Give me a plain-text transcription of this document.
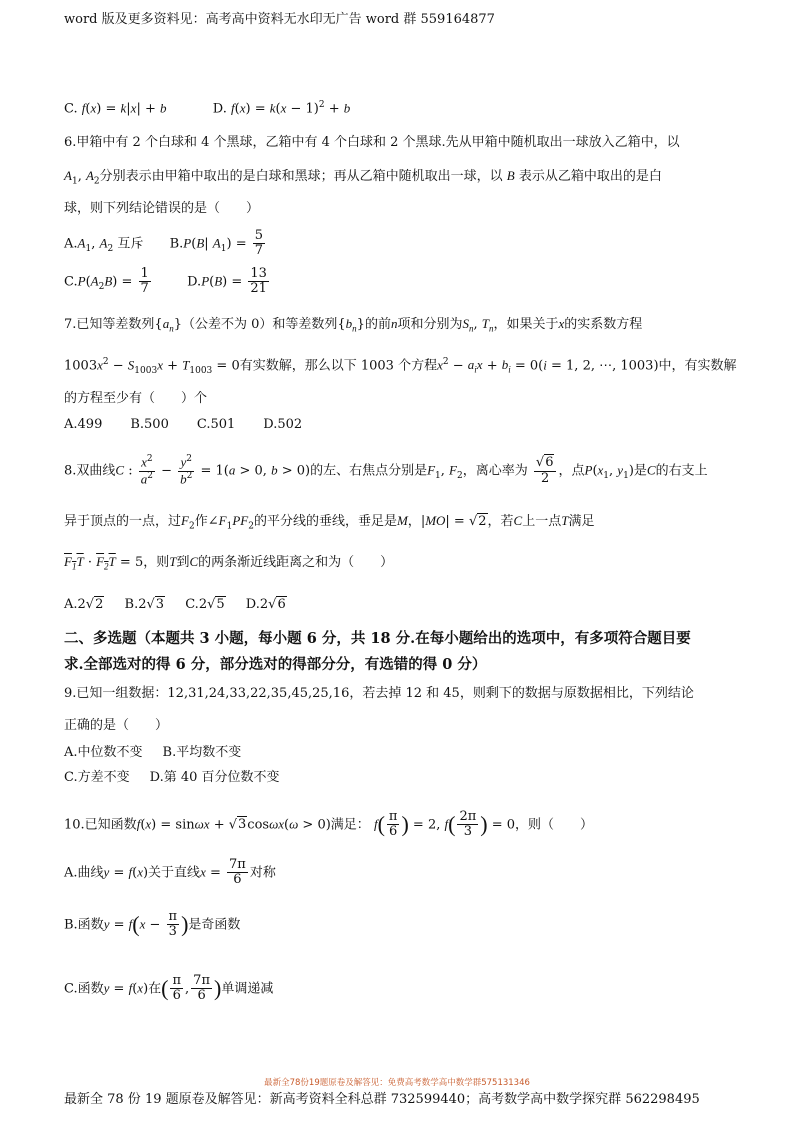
word 版及更多资料见：高考高中资料无水印无广告 word 群 559164877
C. f(x) = k|x| + b	D. $f(x) = k(x - 1)^2 + b$
6.甲箱中有 2 个白球和 4 个黑球，乙箱中有 4 个白球和 2 个黑球.先从甲箱中随机取出一球放入乙箱中，以
$A_1$, $A_2$分别表示由甲箱中取出的是白球和黑球；再从乙箱中随机取出一球，以 B 表示从乙箱中取出的是白
球，则下列结论错误的是（　　）
$A.A_1$, $A_2$ 互斥 B.P(B| $A_1) = \frac{5}{7}$
$C.P(A_2B) = \frac{1}{7}$	$D.P(B) = \frac{13}{21}$
7.已知等差数列$\{a_n\}$（公差不为 0）和等差数列$\{b_n\}$的前n项和分别为$S_n$, $T_n$，如果关于x的实系数方程
$1003x^2 - S_{1003}x + T_{1003} = 0$有实数解，那么以下 1003 个方程$x^2 - a_ix + b_i = 0(i = 1$, 2, ⋯, 1003)中，有实数解
的方程至少有（　　）个
A.499 B.500 C.501 D.502
8.双曲线C : $\frac{x^2}{a^2} - \frac{y^2}{b^2} = 1(a > 0$, b > 0)的左、右焦点分别是$F_1$, $F_2$，离心率为 $\frac{√6}{2}$ ，点$P(x_1$, $y_1$)是C的右支上
异于顶点的一点，过$F_2$作$\angle F_1PF_2$的平分线的垂线，垂足是M，|MO| = √2，若C上一点T满足
$F_1T \cdot F_2T = 5$，则T到C的两条渐近线距离之和为（　　）
A.2√2 B.2√3 C.2√5 D.2√6
二、多选题（本题共 3 小题，每小题 6 分，共 18 分.在每小题给出的选项中，有多项符合题目要
求.全部选对的得 6 分，部分选对的得部分分，有选错的得 0 分）
9.已知一组数据：12,31,24,33,22,35,45,25,16，若去掉 12 和 45，则剩下的数据与原数据相比，下列结论
正确的是（　　）
A.中位数不变 B.平均数不变
C.方差不变 D.第 40 百分位数不变
10.已知函数f(x) = sinωx + √3cosωx(ω > 0)满足： $f( \frac{\pi}{6}$ ) = 2, $f( \frac{2\pi}{3}$ ) = 0，则（　　）
A.曲线y = f(x)关于直线$x = \frac{7\pi}{6}$ 对称
B.函数$y = f(x - \frac{\pi}{3}$ )是奇函数
C.函数y = f(x)在( $\frac{\pi}{6}$ , $\frac{7\pi}{6}$ )单调递减
最新全78份19题原卷及解答见：免费高考数学高中数学群575131346
最新全 78 份 19 题原卷及解答见：新高考资料全科总群 732599440；高考数学高中数学探究群 562298495
